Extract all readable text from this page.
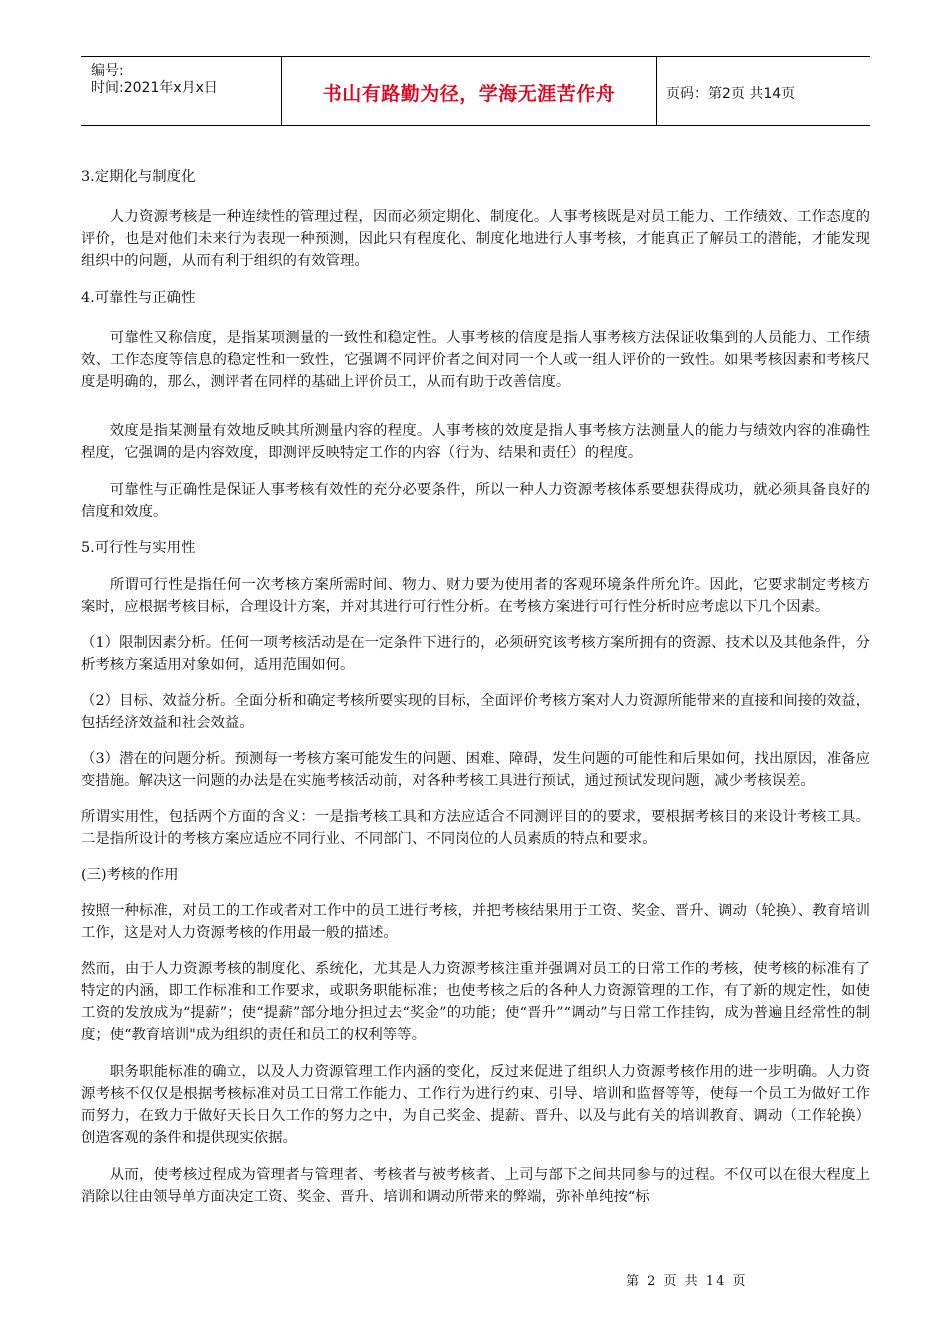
编号:
时间:2021年x月x日	书山有路勤为径，学海无涯苦作舟	页码：第2页 共14页

3.定期化与制度化

人力资源考核是一种连续性的管理过程，因而必须定期化、制度化。人事考核既是对员工能力、工作绩效、工作态度的评价，也是对他们未来行为表现一种预测，因此只有程度化、制度化地进行人事考核，才能真正了解员工的潜能，才能发现组织中的问题，从而有利于组织的有效管理。

4.可靠性与正确性

可靠性又称信度，是指某项测量的一致性和稳定性。人事考核的信度是指人事考核方法保证收集到的人员能力、工作绩效、工作态度等信息的稳定性和一致性，它强调不同评价者之间对同一个人或一组人评价的一致性。如果考核因素和考核尺度是明确的，那么，测评者在同样的基础上评价员工，从而有助于改善信度。

效度是指某测量有效地反映其所测量内容的程度。人事考核的效度是指人事考核方法测量人的能力与绩效内容的准确性程度，它强调的是内容效度，即测评反映特定工作的内容（行为、结果和责任）的程度。

可靠性与正确性是保证人事考核有效性的充分必要条件，所以一种人力资源考核体系要想获得成功，就必须具备良好的信度和效度。

5.可行性与实用性

所谓可行性是指任何一次考核方案所需时间、物力、财力要为使用者的客观环境条件所允许。因此，它要求制定考核方案时，应根据考核目标，合理设计方案，并对其进行可行性分析。在考核方案进行可行性分析时应考虑以下几个因素。

（1）限制因素分析。任何一项考核活动是在一定条件下进行的，必须研究该考核方案所拥有的资源、技术以及其他条件，分析考核方案适用对象如何，适用范围如何。

（2）目标、效益分析。全面分析和确定考核所要实现的目标，全面评价考核方案对人力资源所能带来的直接和间接的效益，包括经济效益和社会效益。

（3）潜在的问题分析。预测每一考核方案可能发生的问题、困难、障碍，发生问题的可能性和后果如何，找出原因，准备应变措施。解决这一问题的办法是在实施考核活动前，对各种考核工具进行预试，通过预试发现问题，减少考核误差。

所谓实用性，包括两个方面的含义：一是指考核工具和方法应适合不同测评目的的要求，要根据考核目的来设计考核工具。二是指所设计的考核方案应适应不同行业、不同部门、不同岗位的人员素质的特点和要求。

(三)考核的作用

按照一种标准，对员工的工作或者对工作中的员工进行考核，并把考核结果用于工资、奖金、晋升、调动（轮换）、教育培训工作，这是对人力资源考核的作用最一般的描述。

然而，由于人力资源考核的制度化、系统化，尤其是人力资源考核注重并强调对员工的日常工作的考核，使考核的标准有了特定的内涵，即工作标准和工作要求，或职务职能标准；也使考核之后的各种人力资源管理的工作，有了新的规定性，如使工资的发放成为“提薪”；使“提薪”部分地分担过去“奖金”的功能；使“晋升”“调动”与日常工作挂钩，成为普遍且经常性的制度；使“教育培训"成为组织的责任和员工的权利等等。

职务职能标准的确立，以及人力资源管理工作内涵的变化，反过来促进了组织人力资源考核作用的进一步明确。人力资源考核不仅仅是根据考核标准对员工日常工作能力、工作行为进行约束、引导、培训和监督等等，使每一个员工为做好工作而努力，在致力于做好天长日久工作的努力之中，为自己奖金、提薪、晋升、以及与此有关的培训教育、调动（工作轮换）创造客观的条件和提供现实依据。

从而，使考核过程成为管理者与管理者、考核者与被考核者、上司与部下之间共同参与的过程。不仅可以在很大程度上消除以往由领导单方面决定工资、奖金、晋升、培训和调动所带来的弊端，弥补单纯按“标

第 2 页 共 14 页
